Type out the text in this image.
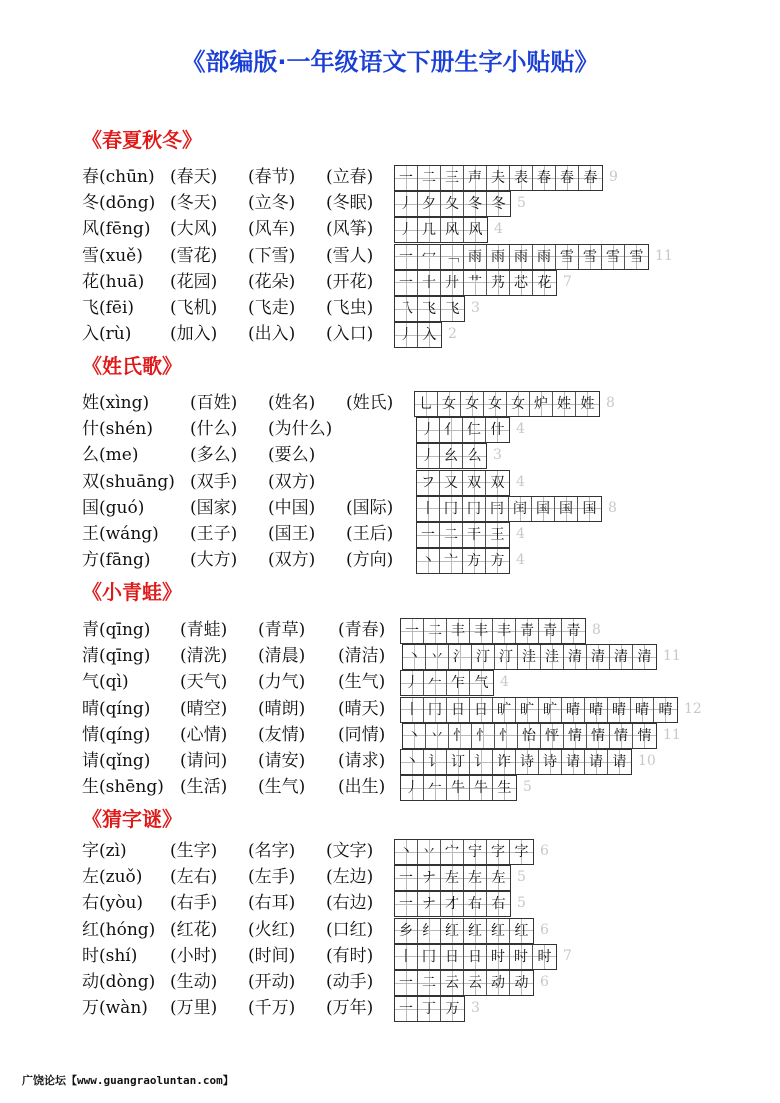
《部编版·一年级语文下册生字小贴贴》
《春夏秋冬》
春(chūn) (春天) (春节) (立春) 一 二 三 声 夫 表 春 春 春 9
冬(dōng) (冬天) (立冬) (冬眠) 丿 夕 夂 冬 冬 5
风(fēng) (大风) (风车) (风筝) 丿 几 风 风 4
雪(xuě) (雪花) (下雪) (雪人) 一 冖 ﹁ 雨 雨 雨 雨 雪 雪 雪 雪 11
花(huā) (花园) (花朵) (开花) 一 十 廾 艹 艿 芯 花 7
飞(fēi) (飞机) (飞走) (飞虫) 乁 飞 飞 3
入(rù) (加入) (出入) (入口) 丿 入 2
《姓氏歌》
姓(xìng) (百姓) (姓名) (姓氏) 乚 女 女 女 女 炉 姓 姓 8
什(shén) (什么) (为什么)	丿 亻 仁 什 4
么(me)	(多么) (要么)	丿 幺 么 3
双(shuāng) (双手) (双方)	フ 又 双 双 4
国(guó)	(国家) (中国) (国际) 丨 冂 冂 冃 闰 国 国 国 8
王(wáng) (王子) (国王) (王后) 一 二 干 王 4
方(fāng) (大方) (双方) (方向) 丶 亠 方 方 4
《小青蛙》
青(qīng) (青蛙) (青草) (青春) 一 二 丰 丰 丰 青 青 青 8
清(qīng) (清洗) (清晨) (清洁) 丶 丷 氵 汀 汀 洼 洼 清 清 清 清 11
气(qì)	(天气) (力气) (生气) 丿 𠂉 乍 气 4
晴(qíng) (晴空) (晴朗) (晴天) 丨 冂 日 日 旷 旷 旷 晴 晴 晴 晴 晴 12
情(qíng) (心情) (友情) (同情) 丶 丷 忄 忄 忄 怡 怦 情 情 情 情 11
请(qǐng) (请问) (请安) (请求) 丶 讠 订 讠 诈 诗 诗 请 请 请 10
生(shēng) (生活) (生气) (出生) 丿 𠂉 牛 牛 生 5
《猜字谜》
字(zì)	(生字) (名字) (文字) 丶 丷 宀 宁 字 字 6
左(zuǒ) (左右) (左手) (左边) 一 ナ 左 左 左 5
右(yòu) (右手) (右耳) (右边) 一 ナ 才 右 右 5
红(hóng) (红花) (火红) (口红) 乡 纟 红 红 红 红 6
时(shí) (小时) (时间) (有时) 丨 冂 日 日 时 时 时 7
动(dòng) (生动) (开动) (动手) 一 二 云 云 动 动 6
万(wàn) (万里) (千万) (万年) 一 丁 万 3
广饶论坛【www.guangraoluntan.com】
